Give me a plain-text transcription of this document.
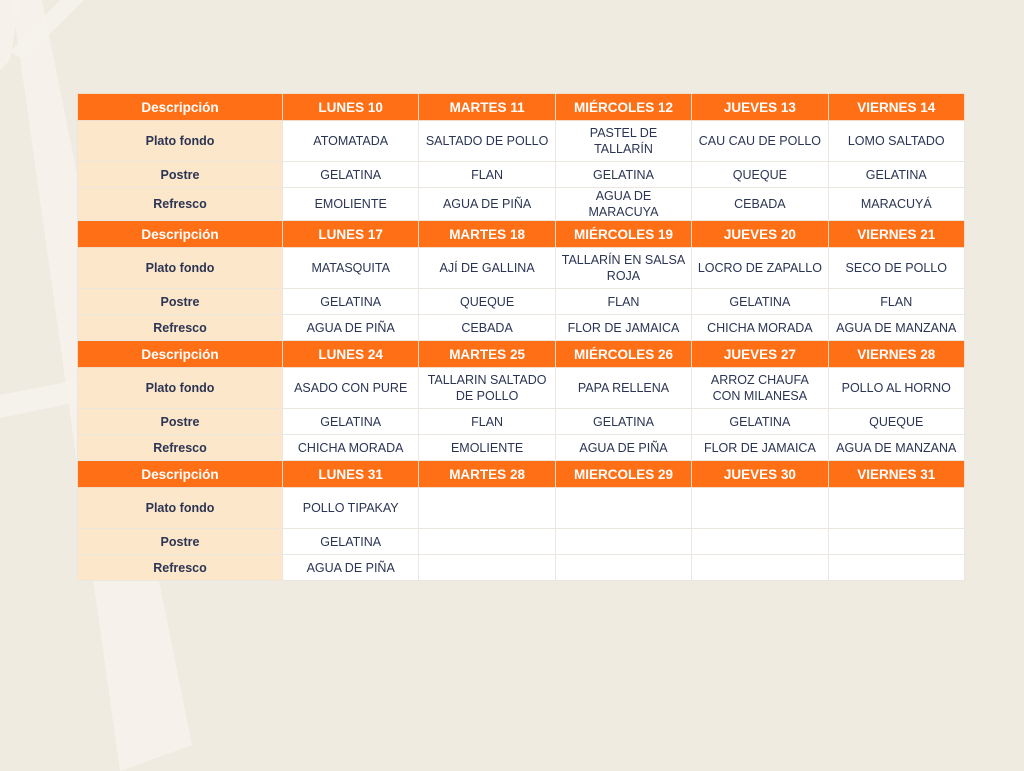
Descripción	LUNES 10	MARTES 11	MIÉRCOLES 12	JUEVES 13	VIERNES 14
Plato fondo	ATOMATADA	SALTADO DE POLLO	PASTEL DE TALLARÍN	CAU CAU DE POLLO	LOMO SALTADO
Postre	GELATINA	FLAN	GELATINA	QUEQUE	GELATINA
Refresco	EMOLIENTE	AGUA DE PIÑA	AGUA DE MARACUYA	CEBADA	MARACUYÁ
Descripción	LUNES 17	MARTES 18	MIÉRCOLES 19	JUEVES 20	VIERNES 21
Plato fondo	MATASQUITA	AJÍ DE GALLINA	TALLARÍN EN SALSA ROJA	LOCRO DE ZAPALLO	SECO DE POLLO
Postre	GELATINA	QUEQUE	FLAN	GELATINA	FLAN
Refresco	AGUA DE PIÑA	CEBADA	FLOR DE JAMAICA	CHICHA MORADA	AGUA DE MANZANA
Descripción	LUNES 24	MARTES 25	MIÉRCOLES 26	JUEVES 27	VIERNES 28
Plato fondo	ASADO CON PURE	TALLARIN SALTADO DE POLLO	PAPA RELLENA	ARROZ CHAUFA CON MILANESA	POLLO AL HORNO
Postre	GELATINA	FLAN	GELATINA	GELATINA	QUEQUE
Refresco	CHICHA MORADA	EMOLIENTE	AGUA DE PIÑA	FLOR DE JAMAICA	AGUA DE MANZANA
Descripción	LUNES 31	MARTES 28	MIERCOLES 29	JUEVES 30	VIERNES 31
Plato fondo	POLLO TIPAKAY				
Postre	GELATINA				
Refresco	AGUA DE PIÑA				
